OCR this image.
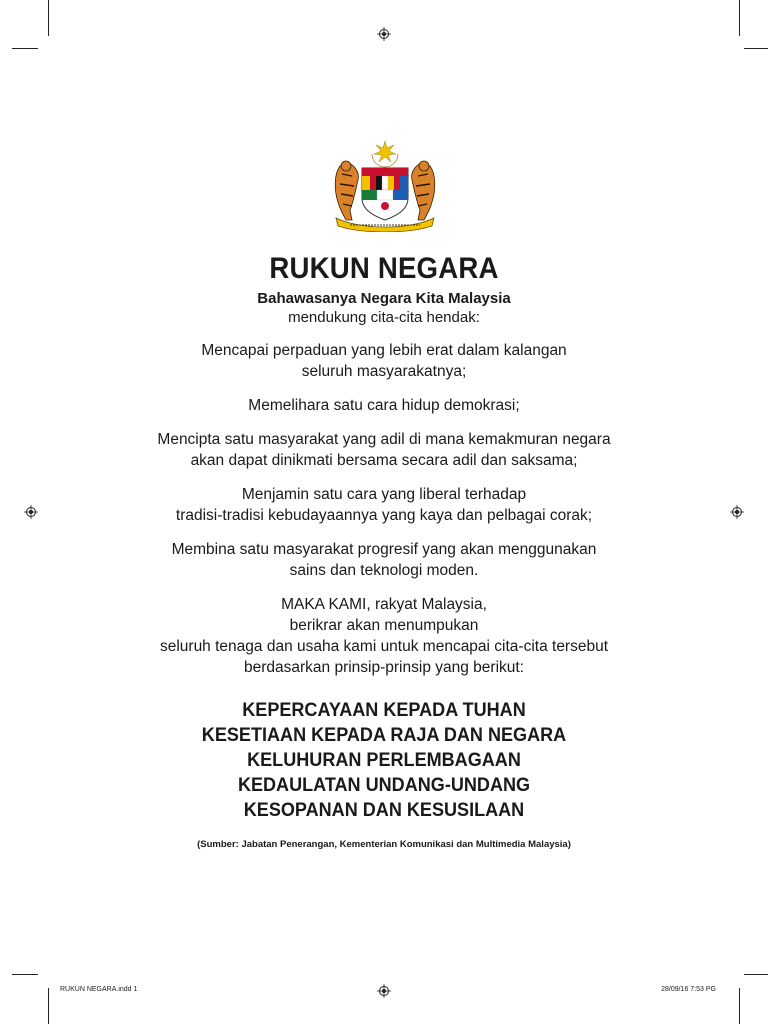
RUKUN NEGARA
Bahawasanya Negara Kita Malaysia
mendukung cita-cita hendak:
Mencapai perpaduan yang lebih erat dalam kalangan
seluruh masyarakatnya;
Memelihara satu cara hidup demokrasi;
Mencipta satu masyarakat yang adil di mana kemakmuran negara
akan dapat dinikmati bersama secara adil dan saksama;
Menjamin satu cara yang liberal terhadap
tradisi-tradisi kebudayaannya yang kaya dan pelbagai corak;
Membina satu masyarakat progresif yang akan menggunakan
sains dan teknologi moden.
MAKA KAMI, rakyat Malaysia,
berikrar akan menumpukan
seluruh tenaga dan usaha kami untuk mencapai cita-cita tersebut
berdasarkan prinsip-prinsip yang berikut:
KEPERCAYAAN KEPADA TUHAN
KESETIAAN KEPADA RAJA DAN NEGARA
KELUHURAN PERLEMBAGAAN
KEDAULATAN UNDANG-UNDANG
KESOPANAN DAN KESUSILAAN
(Sumber: Jabatan Penerangan, Kementerian Komunikasi dan Multimedia Malaysia)
RUKUN NEGARA.indd 1	28/09/16 7:53 PG
